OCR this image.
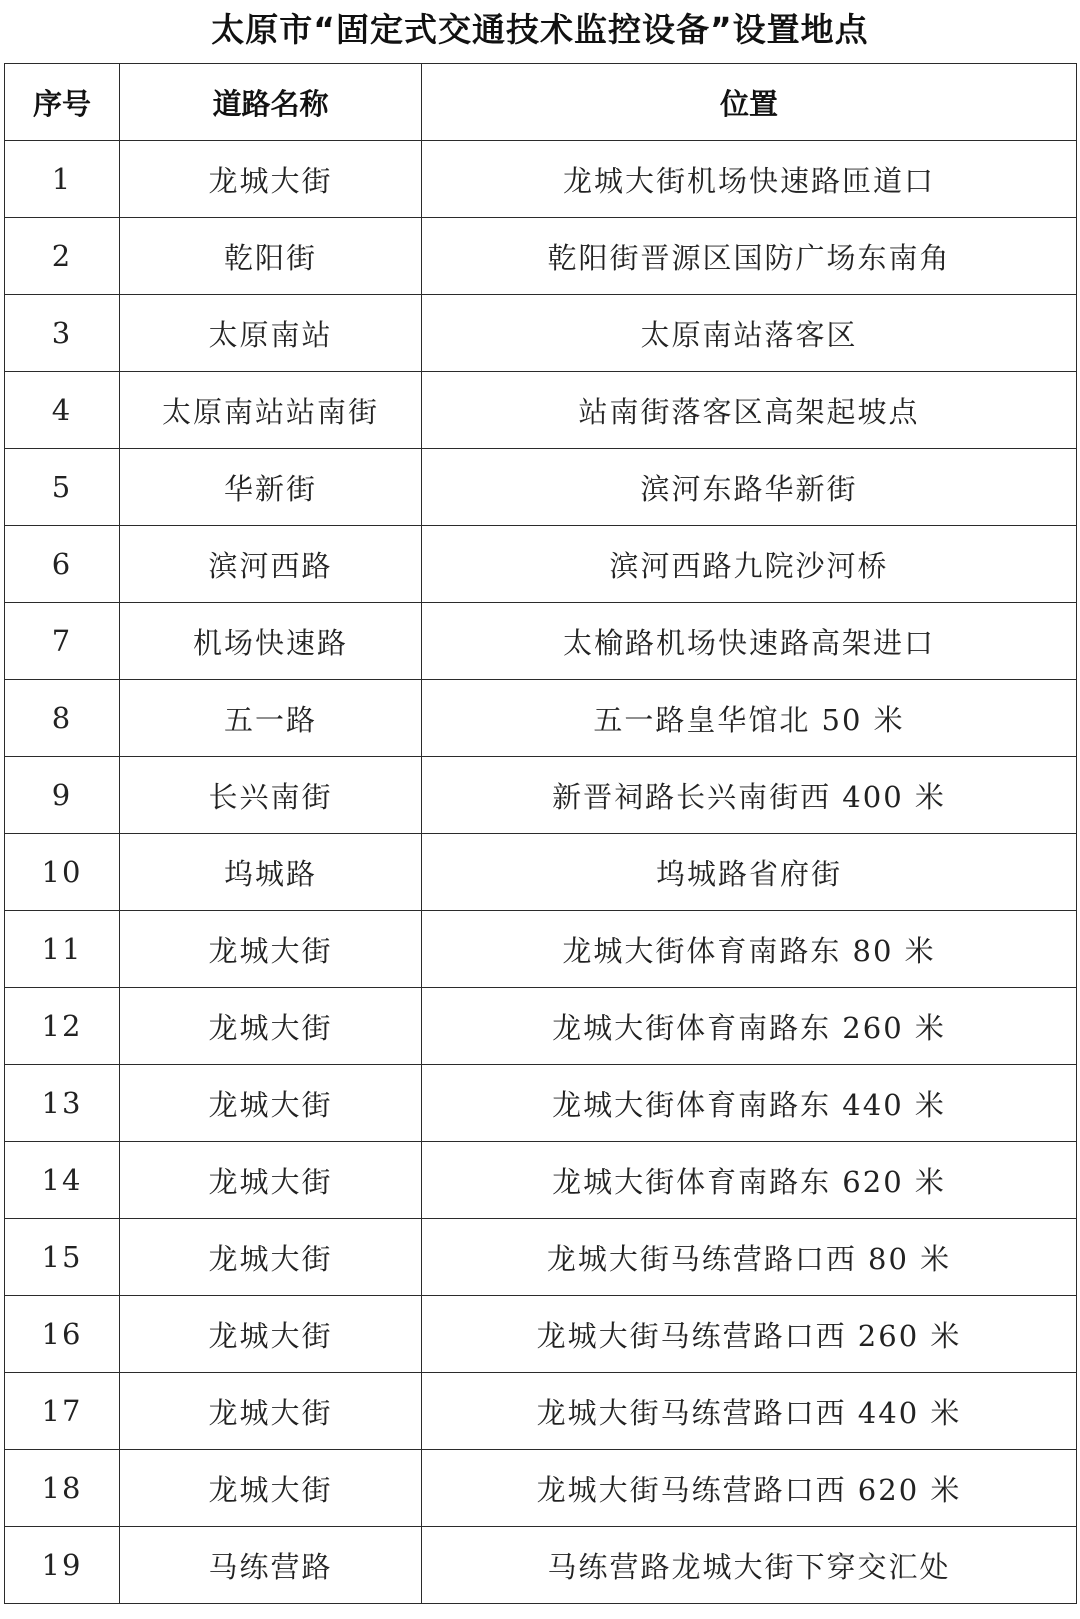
太原市“固定式交通技术监控设备”设置地点
序号	道路名称	位置
1	龙城大街	龙城大街机场快速路匝道口
2	乾阳街	乾阳街晋源区国防广场东南角
3	太原南站	太原南站落客区
4	太原南站站南街	站南街落客区高架起坡点
5	华新街	滨河东路华新街
6	滨河西路	滨河西路九院沙河桥
7	机场快速路	太榆路机场快速路高架进口
8	五一路	五一路皇华馆北 50 米
9	长兴南街	新晋祠路长兴南街西 400 米
10	坞城路	坞城路省府街
11	龙城大街	龙城大街体育南路东 80 米
12	龙城大街	龙城大街体育南路东 260 米
13	龙城大街	龙城大街体育南路东 440 米
14	龙城大街	龙城大街体育南路东 620 米
15	龙城大街	龙城大街马练营路口西 80 米
16	龙城大街	龙城大街马练营路口西 260 米
17	龙城大街	龙城大街马练营路口西 440 米
18	龙城大街	龙城大街马练营路口西 620 米
19	马练营路	马练营路龙城大街下穿交汇处
